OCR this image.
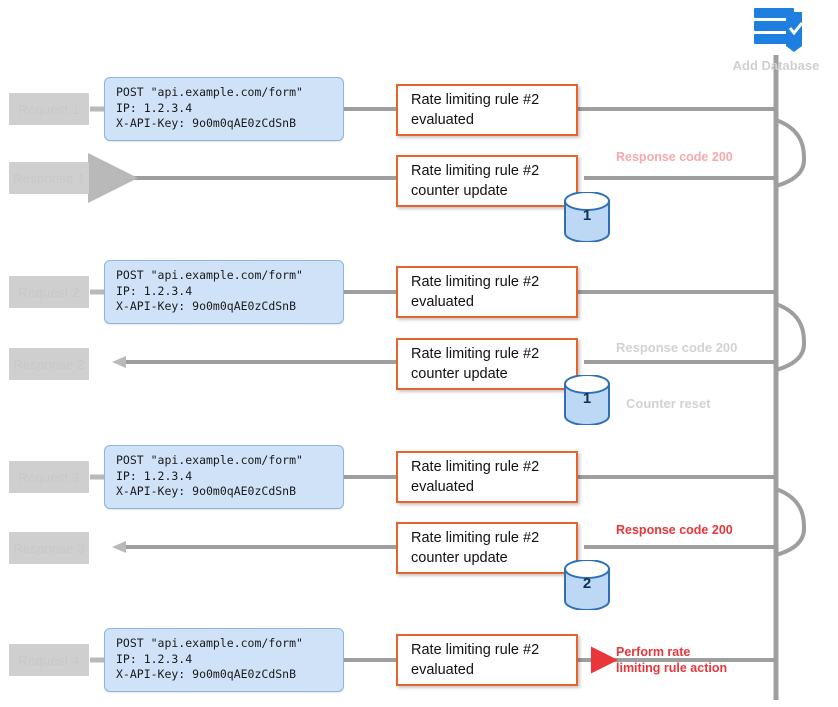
Add Database
Request 1
POST "api.example.com/form"
IP: 1.2.3.4
X-API-Key: 9o0m0qAE0zCdSnB
Rate limiting rule #2
evaluated
Response 1	Rate limiting rule #2
counter update
1
Response code 200
Request 2
POST "api.example.com/form"
IP: 1.2.3.4
X-API-Key: 9o0m0qAE0zCdSnB
Rate limiting rule #2
evaluated
Response 2
Rate limiting rule #2
counter update
1
Response code 200
Counter reset
Request 3
POST "api.example.com/form"
IP: 1.2.3.4
X-API-Key: 9o0m0qAE0zCdSnB
Rate limiting rule #2
evaluated
Response 3
Rate limiting rule #2
counter update
2
Response code 200
Request 4
POST "api.example.com/form"
IP: 1.2.3.4
X-API-Key: 9o0m0qAE0zCdSnB
Rate limiting rule #2
evaluated
Perform rate
limiting rule action
